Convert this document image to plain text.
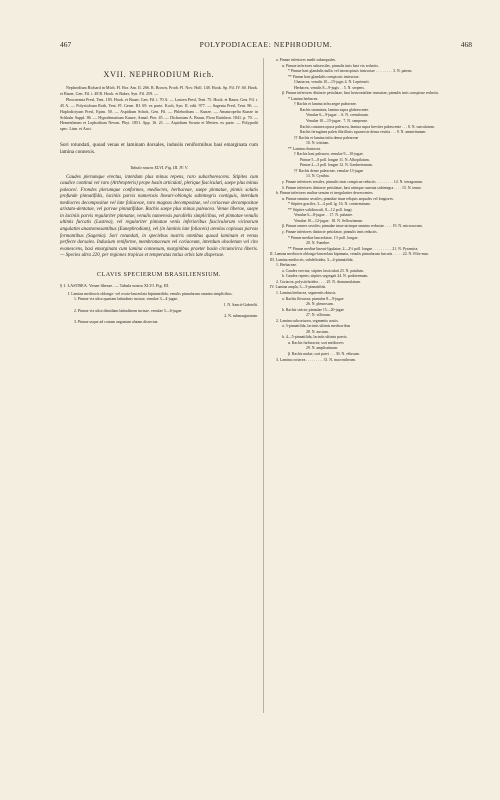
467	POLYPODIACEAE: NEPHRODIUM.	468
XVII. NEPHRODIUM Rich.
Nephrodium Richard in Mich. Fl. Bor. Am. II. 266. R. Brown, Prodr. Fl. Nov. Holl. 148. Hook. Sp. Fil. IV. 60. Hook. et Bauer, Gen. Fil. t. 48 B. Hook. et Baker, Syn. Fil. 259. —
Pleocnemia Presl, Tent. 183. Hook. et Bauer, Gen. Fil. t. 70 A. — Lastrea Presl, Tent. 75. Hook. et Bauer, Gen. Fil. t. 45 A. — Polystichum Roth, Tent. Fl. Germ. III. 69. ex parte. Koch, Syn. II. edit. 977. — Sagenia Presl, Tent. 86. — Haplodictyum Presl, Epim. 50. — Aspidium Schott, Gen. Fil. — Phlebodium ... Kunze. — Amauropelta Kunze in Schkuhr Suppl. 86. — Hypodematium Kunze, Annal. Pter. 45. — Dichasium A. Braun, Flora Ratisbon. 1841. p. 70. — Hemestheum et Lophodium Newm. Phyt. 1851. App. 16. 21. — Aspidium Swartz et Metten. ex parte. — Polypodii spec. Linn. et Auct.
Sori rotundati, quoad venas et laminam dorsales, indusiis reniformibus basi emarginata cum lamina connexis.
Tabula nostra XLVI. Fig. III. IV. V.
Caudex plerumque erectus, interdum plus minus repens, raro subarborescens. Stipites cum caudice continui vel raro (Arthropteris) prope basin articulati, plerique fasciculati, saepe plus minus paleacei. Frondes plerumque conformes, mediocres, herbaceae, saepe pinnatae, pinnis solutis profunde pinnatifidis, laciniis parvis numerosis lineari-oblongis subintegris contiguis, interdum mediocres decompositae vel late foliaceae, raro magnas decompositae, vel coriaceae decompositae aristato-dentatae, vel parvae pinnatifidae. Rachis saepe plus minus paleacea. Venae liberae, saepe in laciniis parvis regulariter pinnatae, venulis numerosis parallelis simplicibus, vel pinnatae venulis ultimis furcatis (Lastrea), vel regulariter pinnatae venis inferioribus fasciculorum vicinorum angulatim anastomosantibus (Eunephrodium), vel (in laminis late foliaceis) areolas copiosas parvas formantibus (Sagenia). Sori rotundati, in speciebus nostris omnibus quoad laminam et venas perfecte dorsales. Indusium reniforme, membranaceum vel coriaceum, interdum obsoletum vel cito evanescens, basi emarginata cum lamina connexum, marginibus praeter basin circumcirca liberis. — Species ultra 220, per regiones tropicas et temperatas totius orbis late dispersae.
CLAVIS SPECIERUM BRASILIENSIUM.
§ 1. LASTREA. Venae liberae. — Tabula nostra XLVI. Fig. III.
I. Lamina mediocris oblongo- vel ovato-lanceolata bipinnatifida, venulis pinnularum omnino simplicibus.
1. Pinnae vix ultra quartam latitudinis incisae, venulae 3—4-jugae.
1. N. Sancti-Gabrielii.
2. Pinnae vix ultra dimidiam latitudinem incisae, venulae 5—6-jugae
2. N. submarginatum.
3. Pinnae usque ad costam angustam alatam dissectae.
a. Pinnae inferiores medii subaequales.
α. Pinnae inferiores subsessiles, pinnulis imis basi vix reductis.
* Pinnae basi glandulis nullis vel inconspicuis instructae . . . . . . . . . 3. N. patens.
** Pinnae basi glandulis conspicuis instructae.
Chartacea, venulis 10—15-jugis 4. N. Leprieurii.
Herbacea, venulis 8—9-jugis . . 5. N. serpens.
β. Pinnae inferiores distincte petiolatae, basi horizontaliter truncatae, pinnulis imis conspicue reductis.
* Lamina herbacea.
† Rachis et lamina infra aegre paleaceae.
Rachis straminea, lamina supra glabrescente.
Venulae 6—9-jugae . . 6. N. crenulosum.
Venulae 10—15-jugae . 7. N. campense.
Rachis castanea opaca paleacea, lamina supra breviter pubescente . . . 8. N. saeculatum.
Rachis ferruginea paleis fibrillosis squarrosis densa vestita . . . 9. N. ammetianum.
†† Rachis et lamina infra dense paleaceae
10. N. tristium.
** Lamina chartacea.
† Rachis basi paleacea, venulae 9—10-jugae.
Pinnae 5—8 poll. longae 11. N. Albopilatum.
Pinnae 2—3 poll. longae 12. N. Gardnerianum.
†† Rachis dense paleaceae, venulae 13-jugae
13. N. Cynthia.
γ. Pinnae inferiores sessiles, pinnulis imis conspicue reductis . . . . . . . . . 14. N. tetragonum.
δ. Pinnae inferiores distincte petiolatae, basi utrinque cuneata subintegra . . . . 15. N. tenue.
b. Pinnae inferiores multae sensim et irregulariter decrescentes.
α. Pinnae omnino sessiles; pinnulae imae reliquis aequales vel longiores.
* Stipites graciles, 3—4 poll. lg. 16. N. conterminum.
** Stipites validiusculi, 8—12 poll. longi.
Venulae 6—8-jugae . . 17. N. palustre.
Venulae 10—12-jugae . 18. N. Sellowianum.
β. Pinnae omnes sessiles; pinnulae imae utrinque omnino reductae . . . . 19. N. microsorum.
γ. Pinnae inferiores distincte petiolatae, pinnulis imis reductis.
* Pinnae mediae lanceolatae, 1½ poll. longae.
20. N. Funebre.
** Pinnae mediae lineari-ligulatae, 2—2½ poll. longae . . . . . . . . . . 21. N. Pyramica.
II. Lamina mediocris oblongo-lanceolata bipinnata, venulis pinnularum furcatis . . . . . 22. N. Filix-mas.
III. Lamina mediocris, subdeltoidea, 3—4-pinnatifida.
1. Herbaceae.
a. Caudex erectus; stipites fasciculati 23. N. patulum.
b. Caudex repens; stipites segregati 24. N. podotremum.
2. Coriacea, polystichoidea . . . . 25. N. dranunculatum.
IV. Lamina ampla, 3—5-pinnatifida.
1. Lamina herbacea, segmentis obtusis.
a. Rachis flexuosa; pinnulae 8—9-jugae
26. N. pleurosum.
b. Rachis stricta; pinnulae 15—20-jugae
27. N. villosum.
2. Lamina subcoriacea, segmentis acutis.
a. 3-pinnatifida, laciniis ultimis mediocribus
28. N. auctum.
b. 4—5-pinnatifida, laciniis ultimis parvis.
α. Rachis furfuracea; sori mediocres
29. N. amplissimum.
β. Rachis nudae, sori parvi . . . 30. N. effusum.
3. Lamina coriacea . . . . . . . . . 31. N. macrostheum.
